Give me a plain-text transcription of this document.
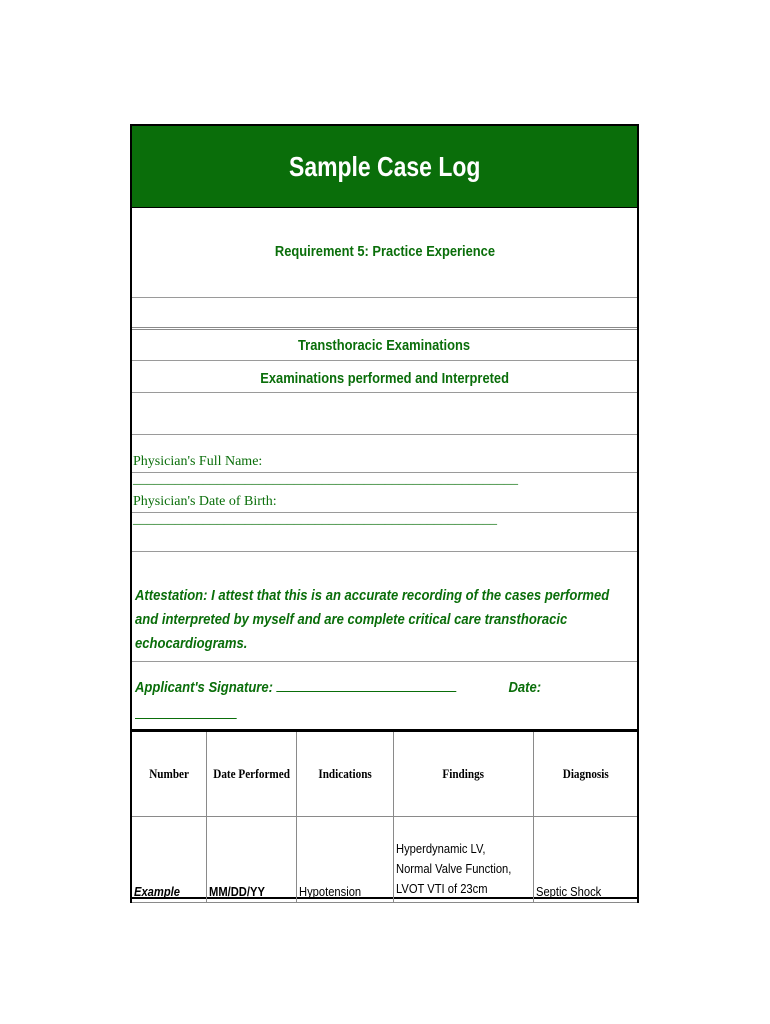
Sample Case Log
Requirement 5: Practice Experience
Transthoracic Examinations
Examinations performed and Interpreted
Physician's Full Name: _______________________________________________________
Physician's Date of Birth: ____________________________________________________
Attestation: I attest that this is an accurate recording of the cases performed and interpreted by myself and are complete critical care transthoracic echocardiograms.
Applicant's Signature:	Date:
Number	Date Performed	Indications	Findings	Diagnosis
Example	MM/DD/YY	Hypotension	Hyperdynamic LV,
Normal Valve Function,
LVOT VTI of 23cm	Septic Shock
